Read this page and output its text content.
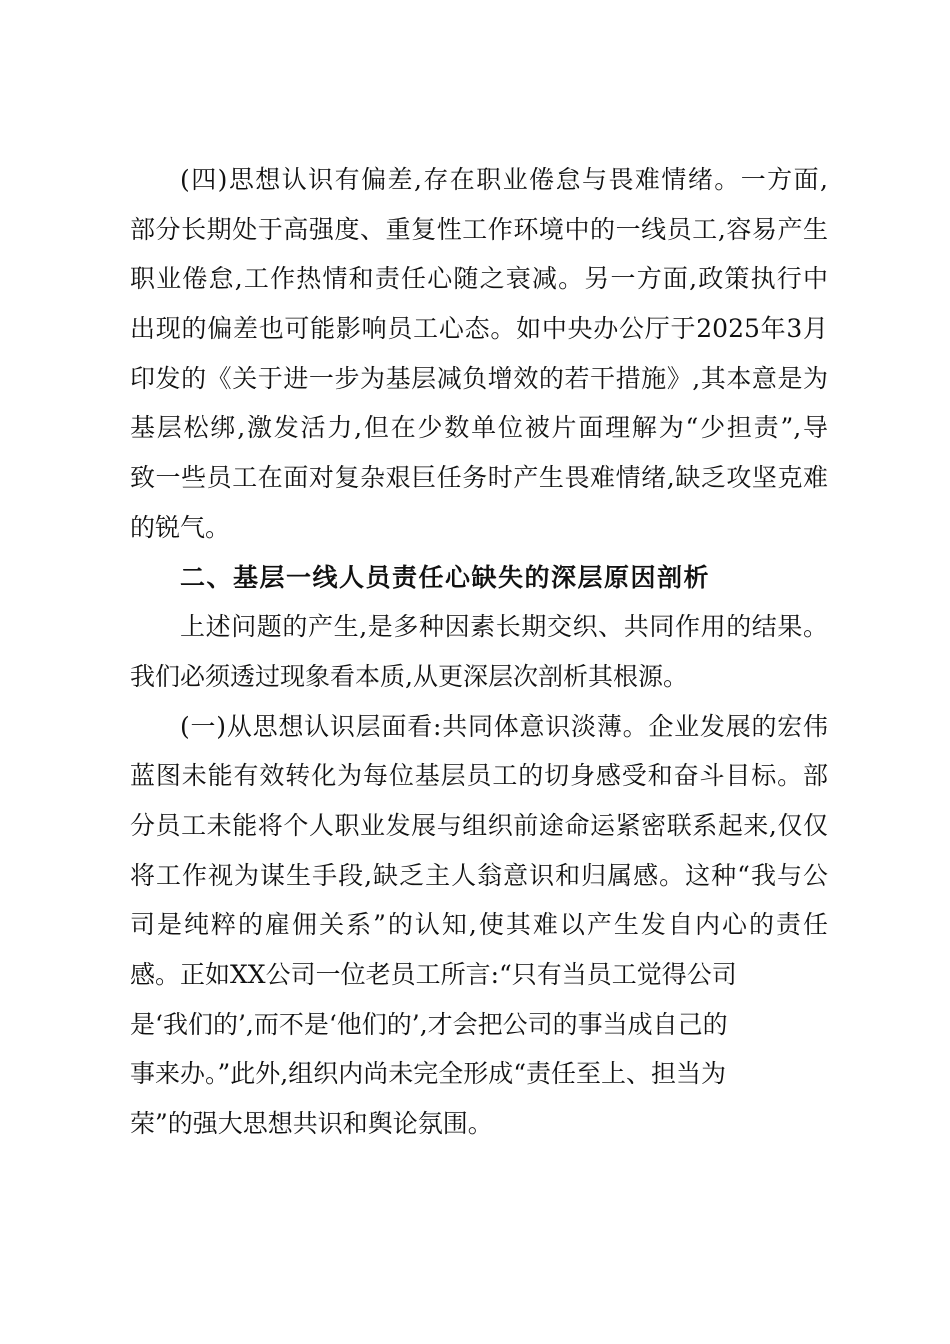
(四)思想认识有偏差,存在职业倦怠与畏难情绪。一方面,
部分长期处于高强度、重复性工作环境中的一线员工,容易产生
职业倦怠,工作热情和责任心随之衰减。另一方面,政策执行中
出现的偏差也可能影响员工心态。如中央办公厅于2025年3月
印发的《关于进一步为基层减负增效的若干措施》,其本意是为
基层松绑,激发活力,但在少数单位被片面理解为“少担责”,导
致一些员工在面对复杂艰巨任务时产生畏难情绪,缺乏攻坚克难
的锐气。
二、基层一线人员责任心缺失的深层原因剖析
上述问题的产生,是多种因素长期交织、共同作用的结果。
我们必须透过现象看本质,从更深层次剖析其根源。
(一)从思想认识层面看:共同体意识淡薄。企业发展的宏伟
蓝图未能有效转化为每位基层员工的切身感受和奋斗目标。部
分员工未能将个人职业发展与组织前途命运紧密联系起来,仅仅
将工作视为谋生手段,缺乏主人翁意识和归属感。这种“我与公
司是纯粹的雇佣关系”的认知,使其难以产生发自内心的责任
感。正如XX公司一位老员工所言:“只有当员工觉得公司
是‘我们的’,而不是‘他们的’,才会把公司的事当成自己的
事来办。”此外,组织内尚未完全形成“责任至上、担当为
荣”的强大思想共识和舆论氛围。
